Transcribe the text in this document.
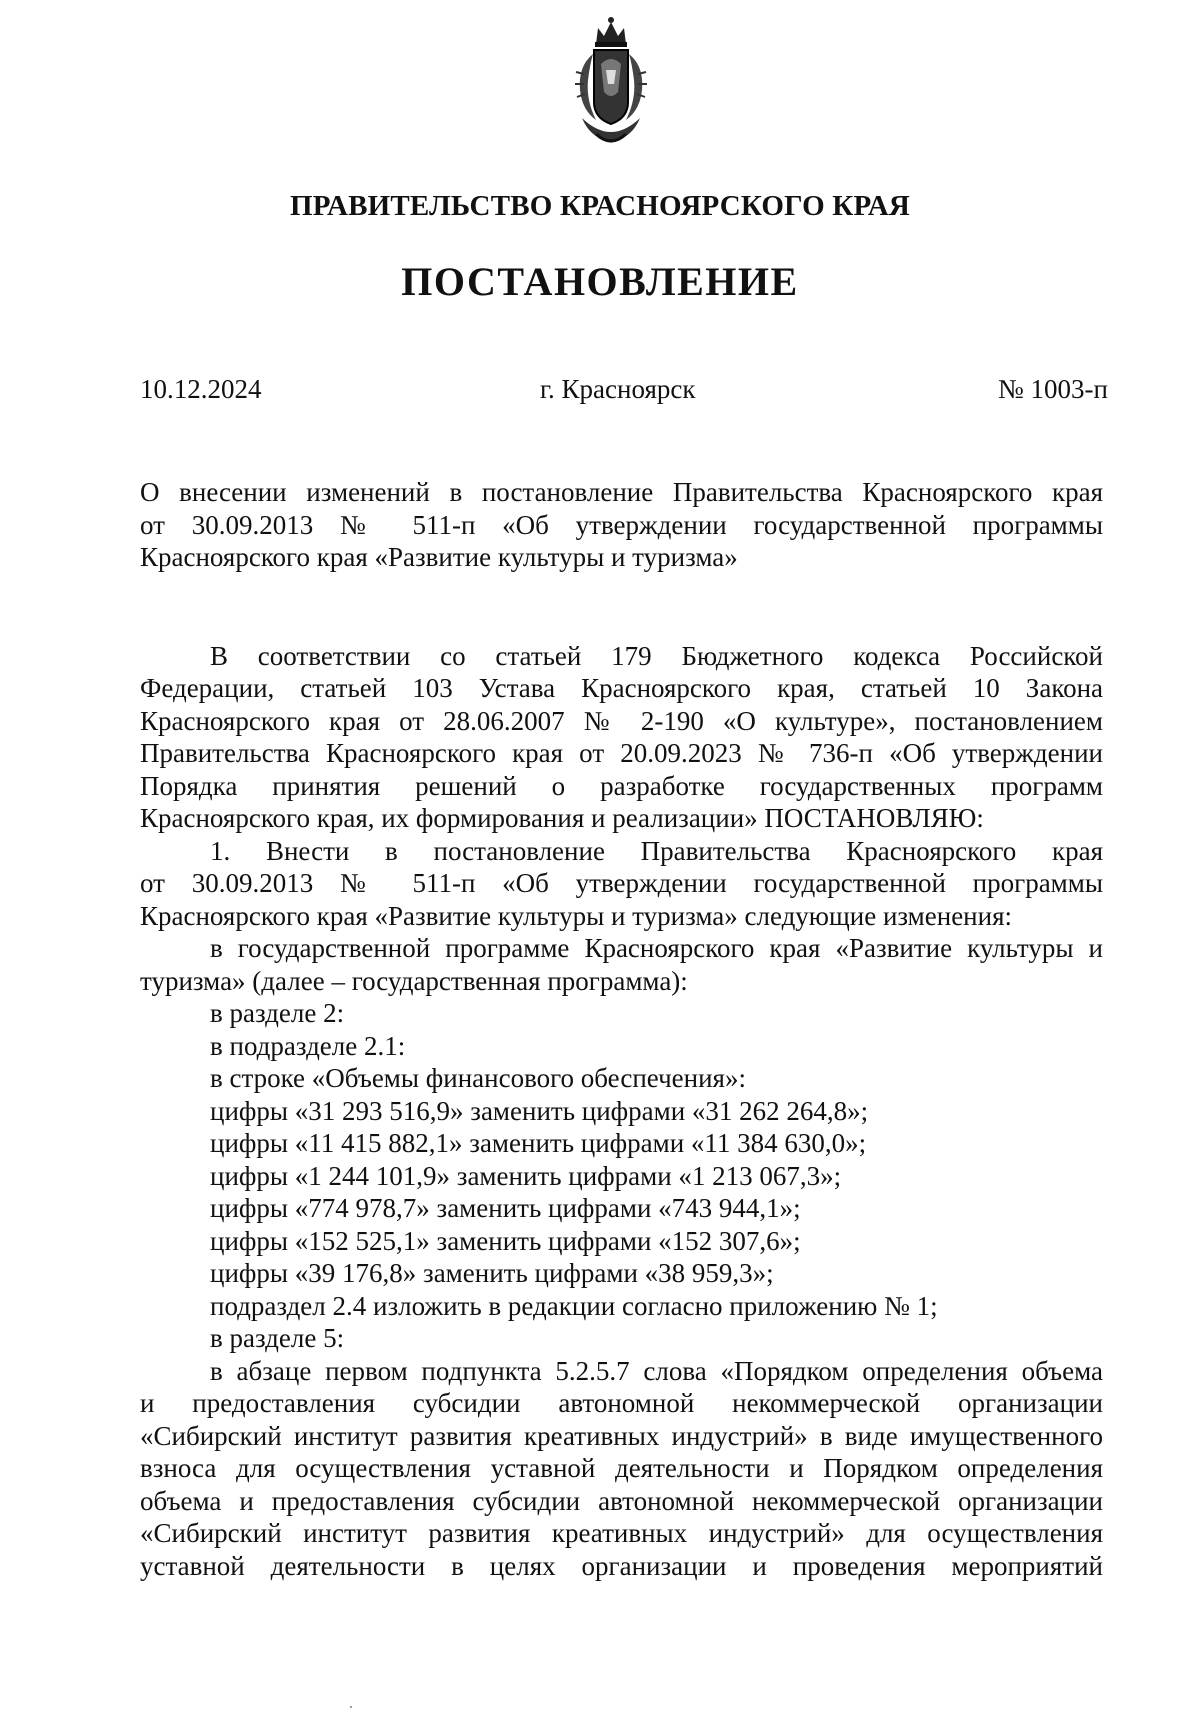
ПРАВИТЕЛЬСТВО КРАСНОЯРСКОГО КРАЯ
ПОСТАНОВЛЕНИЕ
10.12.2024	г. Красноярск	№ 1003-п
О внесении изменений в постановление Правительства Красноярского края
от 30.09.2013 № 511-п «Об утверждении государственной программы
Красноярского края «Развитие культуры и туризма»
В соответствии со статьей 179 Бюджетного кодекса Российской
Федерации, статьей 103 Устава Красноярского края, статьей 10 Закона
Красноярского края от 28.06.2007 № 2-190 «О культуре», постановлением
Правительства Красноярского края от 20.09.2023 № 736-п «Об утверждении
Порядка принятия решений о разработке государственных программ
Красноярского края, их формирования и реализации» ПОСТАНОВЛЯЮ:
1. Внести в постановление Правительства Красноярского края
от 30.09.2013 № 511-п «Об утверждении государственной программы
Красноярского края «Развитие культуры и туризма» следующие изменения:
в государственной программе Красноярского края «Развитие культуры и
туризма» (далее – государственная программа):
в разделе 2:
в подразделе 2.1:
в строке «Объемы финансового обеспечения»:
цифры «31 293 516,9» заменить цифрами «31 262 264,8»;
цифры «11 415 882,1» заменить цифрами «11 384 630,0»;
цифры «1 244 101,9» заменить цифрами «1 213 067,3»;
цифры «774 978,7» заменить цифрами «743 944,1»;
цифры «152 525,1» заменить цифрами «152 307,6»;
цифры «39 176,8» заменить цифрами «38 959,3»;
подраздел 2.4 изложить в редакции согласно приложению № 1;
в разделе 5:
в абзаце первом подпункта 5.2.5.7 слова «Порядком определения объема
и предоставления субсидии автономной некоммерческой организации
«Сибирский институт развития креативных индустрий» в виде имущественного
взноса для осуществления уставной деятельности и Порядком определения
объема и предоставления субсидии автономной некоммерческой организации
«Сибирский институт развития креативных индустрий» для осуществления
уставной деятельности в целях организации и проведения мероприятий
